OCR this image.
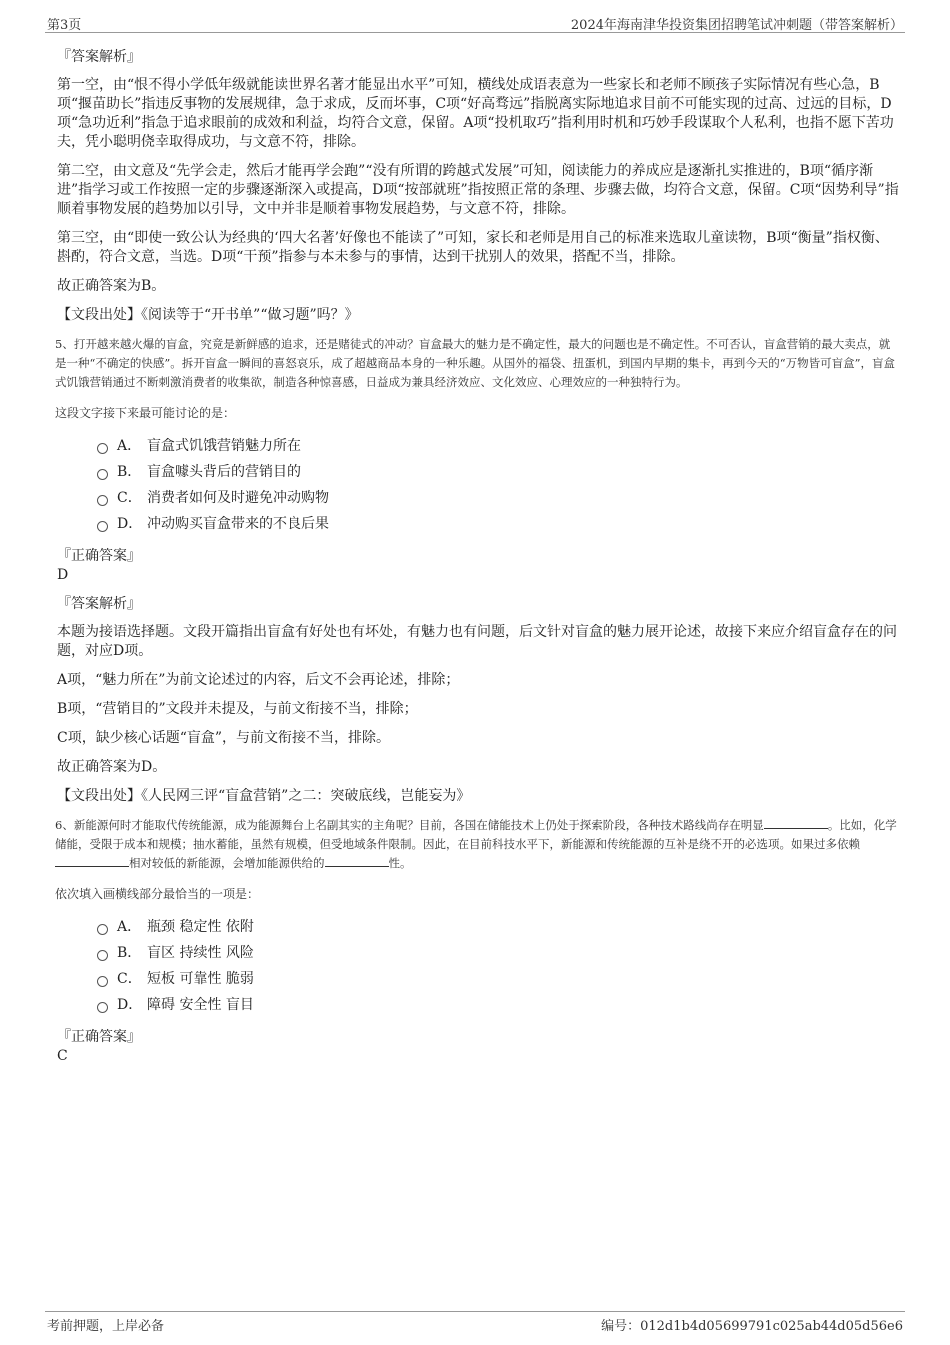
第3页	2024年海南津华投资集团招聘笔试冲刺题（带答案解析）
『答案解析』

第一空，由“恨不得小学低年级就能读世界名著才能显出水平”可知，横线处成语表意为一些家长和老师不顾孩子实际情况有些心急，B项“揠苗助长”指违反事物的发展规律，急于求成，反而坏事，C项“好高骛远”指脱离实际地追求目前不可能实现的过高、过远的目标，D项“急功近利”指急于追求眼前的成效和利益，均符合文意，保留。A项“投机取巧”指利用时机和巧妙手段谋取个人私利，也指不愿下苦功夫，凭小聪明侥幸取得成功，与文意不符，排除。

第二空，由文意及“先学会走，然后才能再学会跑”“没有所谓的跨越式发展”可知，阅读能力的养成应是逐渐扎实推进的，B项“循序渐进”指学习或工作按照一定的步骤逐渐深入或提高，D项“按部就班”指按照正常的条理、步骤去做，均符合文意，保留。C项“因势利导”指顺着事物发展的趋势加以引导，文中并非是顺着事物发展趋势，与文意不符，排除。

第三空，由“即使一致公认为经典的‘四大名著’好像也不能读了”可知，家长和老师是用自己的标准来选取儿童读物，B项“衡量”指权衡、斟酌，符合文意，当选。D项“干预”指参与本未参与的事情，达到干扰别人的效果，搭配不当，排除。

故正确答案为B。

【文段出处】《阅读等于“开书单”“做习题”吗？》

5、打开越来越火爆的盲盒，究竟是新鲜感的追求，还是赌徒式的冲动？盲盒最大的魅力是不确定性，最大的问题也是不确定性。不可否认，盲盒营销的最大卖点，就是一种“不确定的快感”。拆开盲盒一瞬间的喜怒哀乐，成了超越商品本身的一种乐趣。从国外的福袋、扭蛋机，到国内早期的集卡，再到今天的“万物皆可盲盒”，盲盒式饥饿营销通过不断刺激消费者的收集欲，制造各种惊喜感，日益成为兼具经济效应、文化效应、心理效应的一种独特行为。

这段文字接下来最可能讨论的是：

A． 盲盒式饥饿营销魅力所在
B． 盲盒噱头背后的营销目的
C． 消费者如何及时避免冲动购物
D． 冲动购买盲盒带来的不良后果
『正确答案』
D
『答案解析』

本题为接语选择题。文段开篇指出盲盒有好处也有坏处，有魅力也有问题，后文针对盲盒的魅力展开论述，故接下来应介绍盲盒存在的问题，对应D项。

A项，“魅力所在”为前文论述过的内容，后文不会再论述，排除；

B项，“营销目的”文段并未提及，与前文衔接不当，排除；

C项，缺少核心话题“盲盒”，与前文衔接不当，排除。

故正确答案为D。

【文段出处】《人民网三评“盲盒营销”之二：突破底线，岂能妄为》

6、新能源何时才能取代传统能源，成为能源舞台上名副其实的主角呢？目前，各国在储能技术上仍处于探索阶段，各种技术路线尚存在明显	。比如，化学储能，受限于成本和规模；抽水蓄能，虽然有规模，但受地域条件限制。因此，在目前科技水平下，新能源和传统能源的互补是绕不开的必选项。如果过多依赖相对较低的新能源，会增加能源供给的	性。

依次填入画横线部分最恰当的一项是：

A． 瓶颈 稳定性 依附
B． 盲区 持续性 风险
C． 短板 可靠性 脆弱
D． 障碍 安全性 盲目
『正确答案』
C
考前押题，上岸必备	编号：012d1b4d05699791c025ab44d05d56e6
